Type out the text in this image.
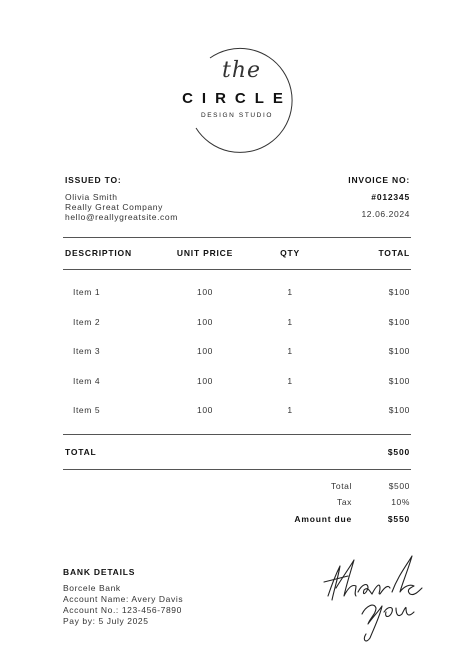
the
CIRCLE
DESIGN STUDIO
ISSUED TO:
Olivia Smith
Really Great Company
hello@reallygreatsite.com
INVOICE NO:
#012345
12.06.2024
DESCRIPTION	UNIT PRICE	QTY	TOTAL
Item 1	100	1	$100
Item 2	100	1	$100
Item 3	100	1	$100
Item 4	100	1	$100
Item 5	100	1	$100
TOTAL	$500
Total	$500
Tax	10%
Amount due	$550
BANK DETAILS
Borcele Bank
Account Name: Avery Davis
Account No.: 123-456-7890
Pay by: 5 July 2025
